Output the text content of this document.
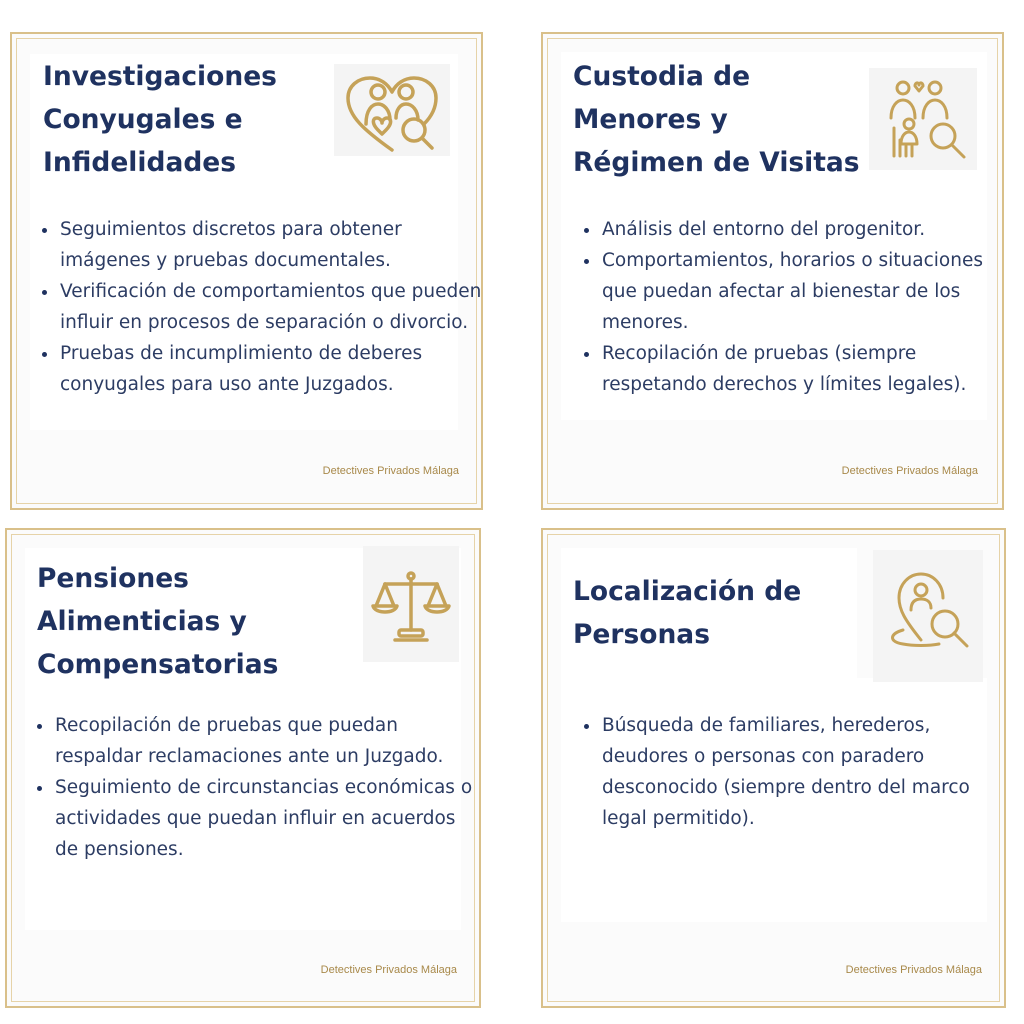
Investigaciones
Conyugales e
Infidelidades
• Seguimientos discretos para obtener imágenes y pruebas documentales.
• Verificación de comportamientos que pueden influir en procesos de separación o divorcio.
• Pruebas de incumplimiento de deberes conyugales para uso ante Juzgados.
Detectives Privados Málaga
Custodia de
Menores y
Régimen de Visitas
• Análisis del entorno del progenitor.
• Comportamientos, horarios o situaciones que puedan afectar al bienestar de los menores.
• Recopilación de pruebas (siempre respetando derechos y límites legales).
Detectives Privados Málaga
Pensiones
Alimenticias y
Compensatorias
• Recopilación de pruebas que puedan respaldar reclamaciones ante un Juzgado.
• Seguimiento de circunstancias económicas o actividades que puedan influir en acuerdos de pensiones.
Detectives Privados Málaga
Localización de
Personas
• Búsqueda de familiares, herederos, deudores o personas con paradero desconocido (siempre dentro del marco legal permitido).
Detectives Privados Málaga
